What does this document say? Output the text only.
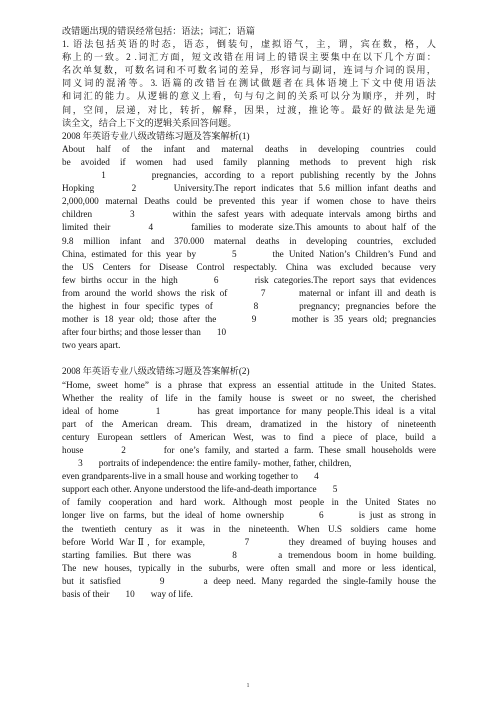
改错题出现的错误经常包括：语法；词汇；语篇
1. 语法包括英语的时态，语态，倒装句，虚拟语气，主，谓，宾在数，格，人
称上的一致。2 .词汇方面，短文改错在用词上的错误主要集中在以下几个方面：
名次单复数，可数名词和不可数名词的差异，形容词与副词，连词与介词的误用，
同义词的混淆等。3. 语篇的改错旨在测试做题者在具体语境上下文中使用语法
和词汇的能力。从逻辑的意义上看，句与句之间的关系可以分为顺序，并列，时
间，空间，层递，对比，转折，解释，因果，过渡，推论等。最好的做法是先通
读全文，结合上下文的逻辑关系回答问题。
2008 年英语专业八级改错练习题及答案解析(1)
About half of the infant and maternal deaths in developing countries could
be avoided if women had used family planning methods to prevent high risk
1       pregnancies, according to a report publishing recently by the Johns
Hopking       2       University.The report indicates that 5.6 million infant deaths and
2,000,000 maternal Deaths could be prevented this year if women chose to have theirs
children       3       within the safest years with adequate intervals among births and
limited their       4       families to moderate size.This amounts to about half of the
9.8 million infant and 370.000 maternal deaths in developing countries, excluded
China, estimated for this year by       5       the United Nation’s Children’s Fund and
the US Centers for Disease Control respectably. China was excluded because very
few births occur in the high       6       risk categories.The report says that evidences
from around the world shows the risk of       7       maternal or infant ill and death is
the highest in four specific types of       8       pregnancy; pregnancies before the
mother is 18 year old; those after the       9       mother is 35 years old; pregnancies
after four births; and those lesser than       10
two years apart.
2008 年英语专业八级改错练习题及答案解析(2)
“Home, sweet home” is a phrase that express an essential attitude in the United States.
Whether the reality of life in the family house is sweet or no sweet, the cherished
ideal of home       1       has great importance for many people.This ideal is a vital
part of the American dream. This dream, dramatized in the history of nineteenth
century European settlers of American West, was to find a piece of place, build a
house       2       for one’s family, and started a farm. These small households were
3       portraits of independence: the entire family- mother, father, children,
even grandparents-live in a small house and working together to       4
support each other. Anyone understood the life-and-death importance       5
of family cooperation and hard work. Although most people in the United States no
longer live on farms, but the ideal of home ownership       6       is just as strong in
the twentieth century as it was in the nineteenth. When U.S soldiers came home
before World WarⅡ, for example,       7       they dreamed of buying houses and
starting families. But there was       8       a tremendous boom in home building.
The new houses, typically in the suburbs, were often small and more or less identical,
but it satisfied       9       a deep need. Many regarded the single-family house the
basis of their       10       way of life.
1
